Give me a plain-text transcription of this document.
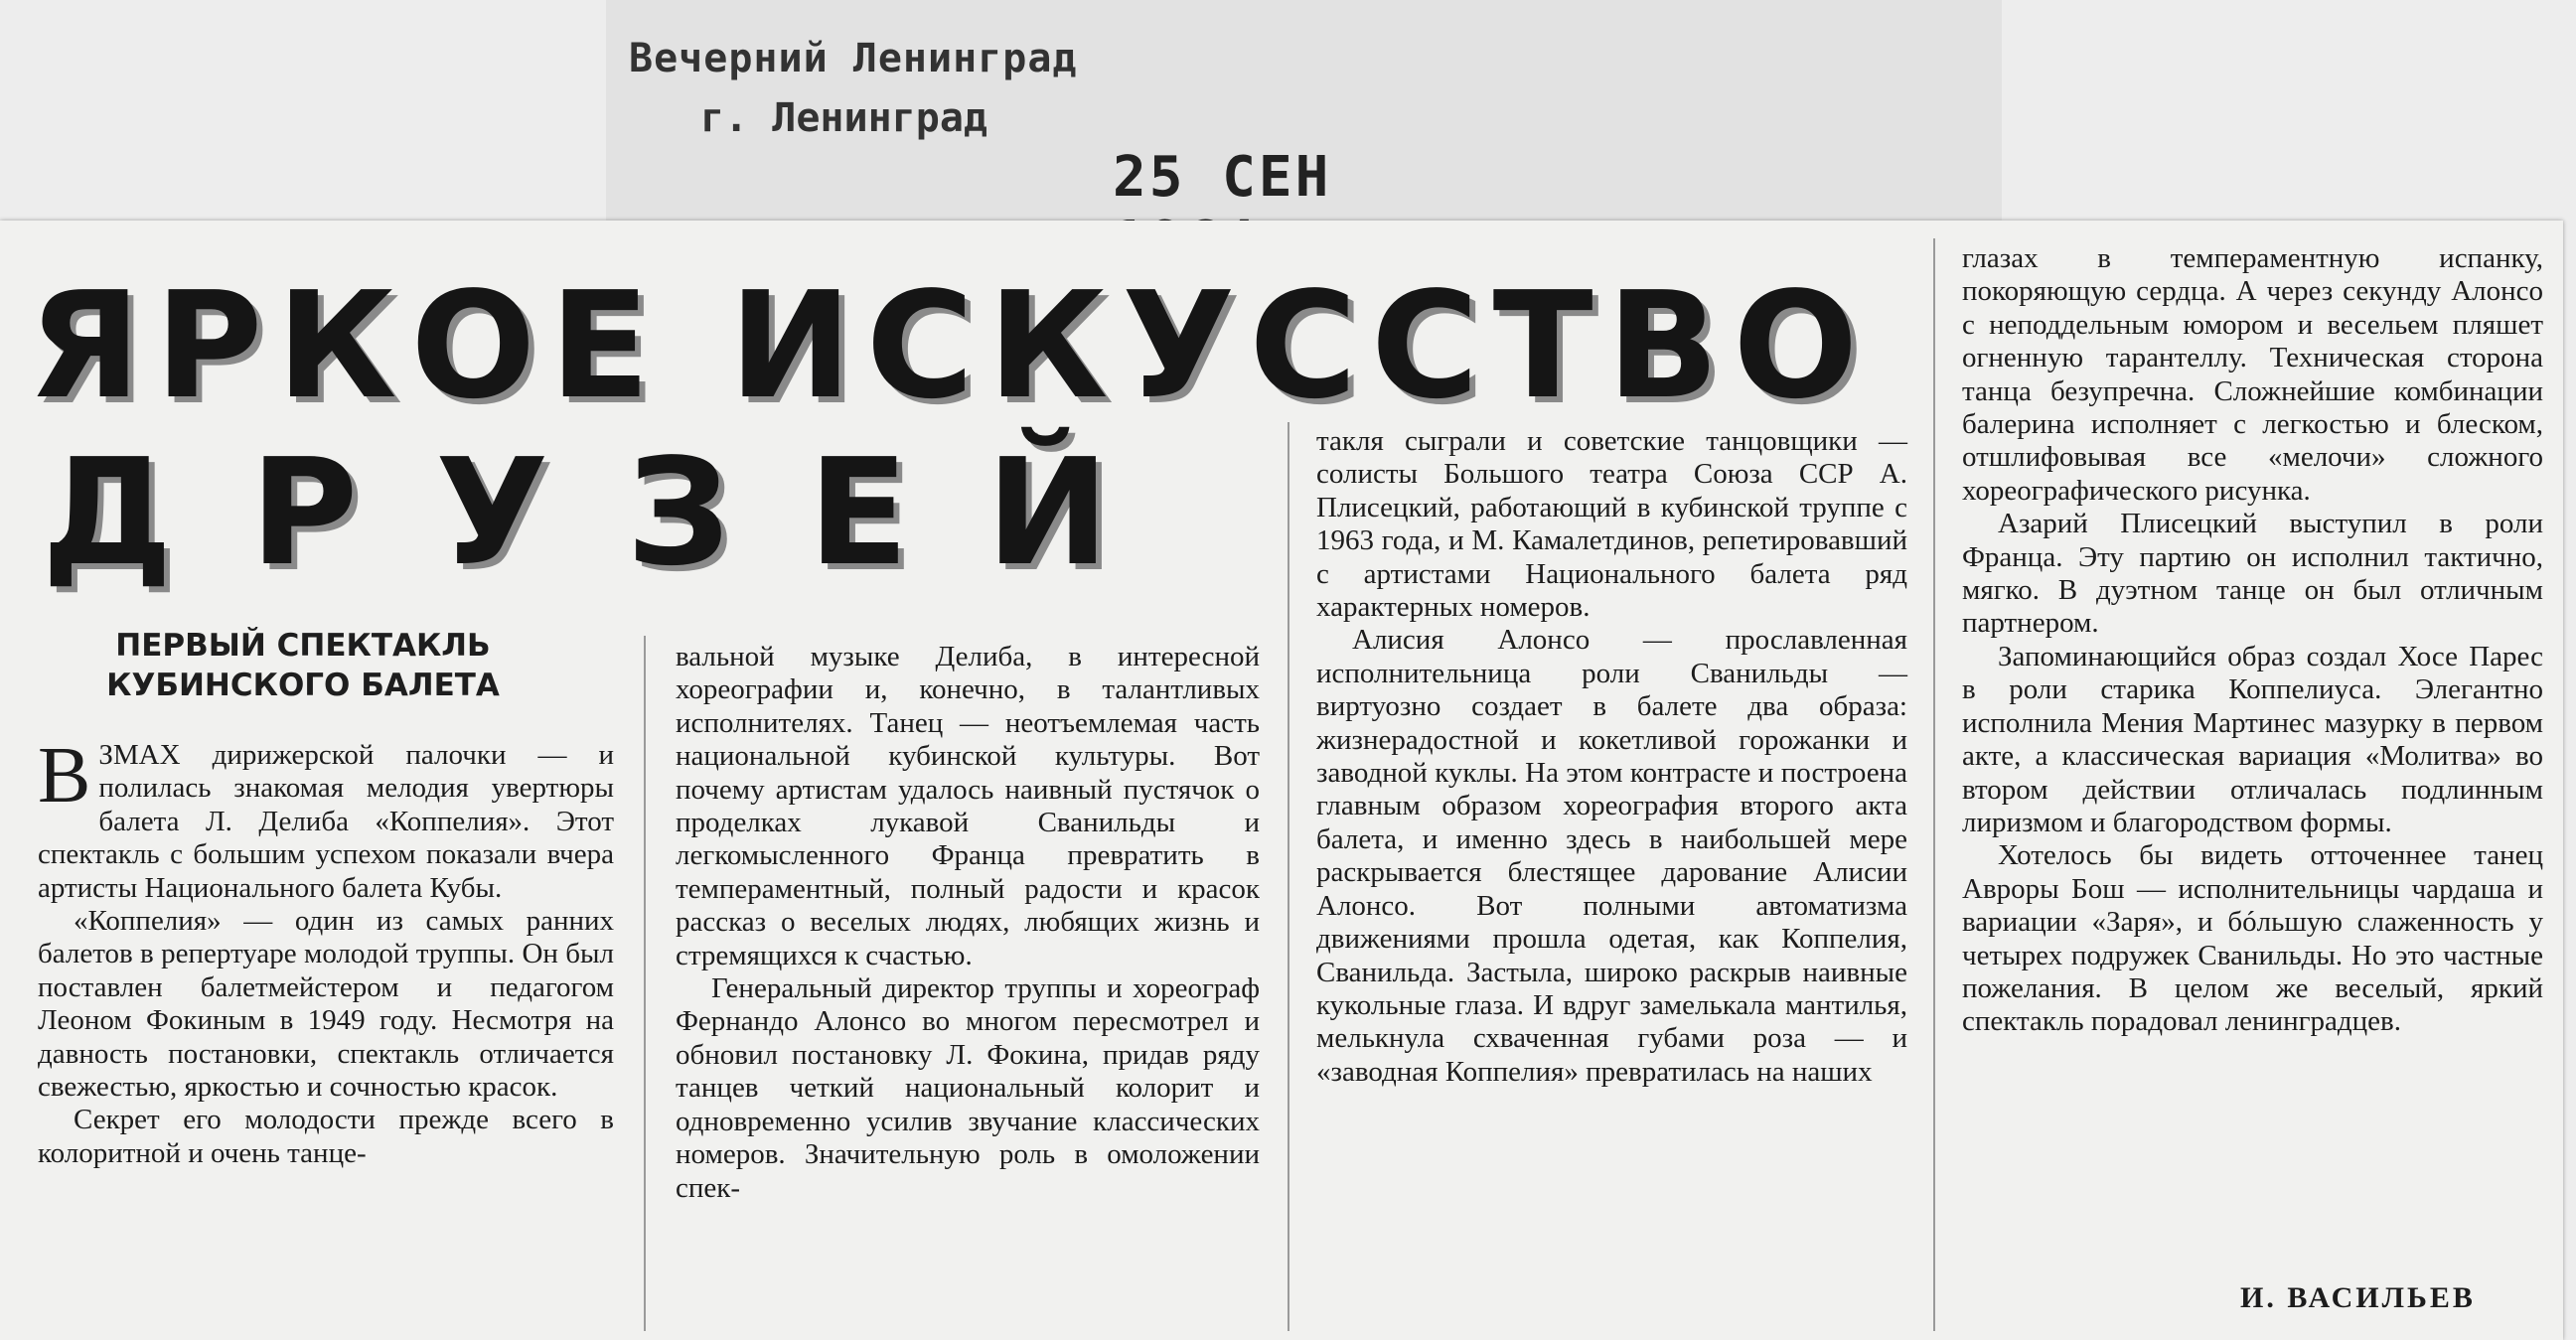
Вечерний Ленинград
г. Ленинград
25 СЕН
ЯРКОЕ ИСКУССТВО
ДРУЗЕЙ
ПЕРВЫЙ СПЕКТАКЛЬ
КУБИНСКОГО БАЛЕТА

ВЗМАХ дирижерской палочки — и полилась знакомая мелодия увертюры балета Л. Делиба «Коппелия». Этот спектакль с большим успехом показали вчера артисты Национального балета Кубы.

«Коппелия» — один из самых ранних балетов в репертуаре молодой труппы. Он был поставлен балетмейстером и педагогом Леоном Фокиным в 1949 году. Несмотря на давность постановки, спектакль отличается свежестью, яркостью и сочностью красок.

Секрет его молодости прежде всего в колоритной и очень танце-

вальной музыке Делиба, в интересной хореографии и, конечно, в талантливых исполнителях. Танец — неотъемлемая часть национальной кубинской культуры. Вот почему артистам удалось наивный пустячок о проделках лукавой Сванильды и легкомысленного Франца превратить в темпераментный, полный радости и красок рассказ о веселых людях, любящих жизнь и стремящихся к счастью.

Генеральный директор труппы и хореограф Фернандо Алонсо во многом пересмотрел и обновил постановку Л. Фокина, придав ряду танцев четкий национальный колорит и одновременно усилив звучание классических номеров. Значительную роль в омоложении спек-

такля сыграли и советские танцовщики — солисты Большого театра Союза ССР А. Плисецкий, работающий в кубинской труппе с 1963 года, и М. Камалетдинов, репетировавший с артистами Национального балета ряд характерных номеров.

Алисия Алонсо — прославленная исполнительница роли Сванильды — виртуозно создает в балете два образа: жизнерадостной и кокетливой горожанки и заводной куклы. На этом контрасте и построена главным образом хореография второго акта балета, и именно здесь в наибольшей мере раскрывается блестящее дарование Алисии Алонсо. Вот полными автоматизма движениями прошла одетая, как Коппелия, Сванильда. Застыла, широко раскрыв наивные кукольные глаза. И вдруг замелькала мантилья, мелькнула схваченная губами роза — и «заводная Коппелия» превратилась на наших

глазах в темпераментную испанку, покоряющую сердца. А через секунду Алонсо с неподдельным юмором и весельем пляшет огненную тарантеллу. Техническая сторона танца безупречна. Сложнейшие комбинации балерина исполняет с легкостью и блеском, отшлифовывая все «мелочи» сложного хореографического рисунка.

Азарий Плисецкий выступил в роли Франца. Эту партию он исполнил тактично, мягко. В дуэтном танце он был отличным партнером.

Запоминающийся образ создал Хосе Парес в роли старика Коппелиуса. Элегантно исполнила Мения Мартинес мазурку в первом акте, а классическая вариация «Молитва» во втором действии отличалась подлинным лиризмом и благородством формы.

Хотелось бы видеть отточеннее танец Авроры Бош — исполнительницы чардаша и вариации «Заря», и бóльшую слаженность у четырех подружек Сванильды. Но это частные пожелания. В целом же веселый, яркий спектакль порадовал ленинградцев.

И. ВАСИЛЬЕВ
